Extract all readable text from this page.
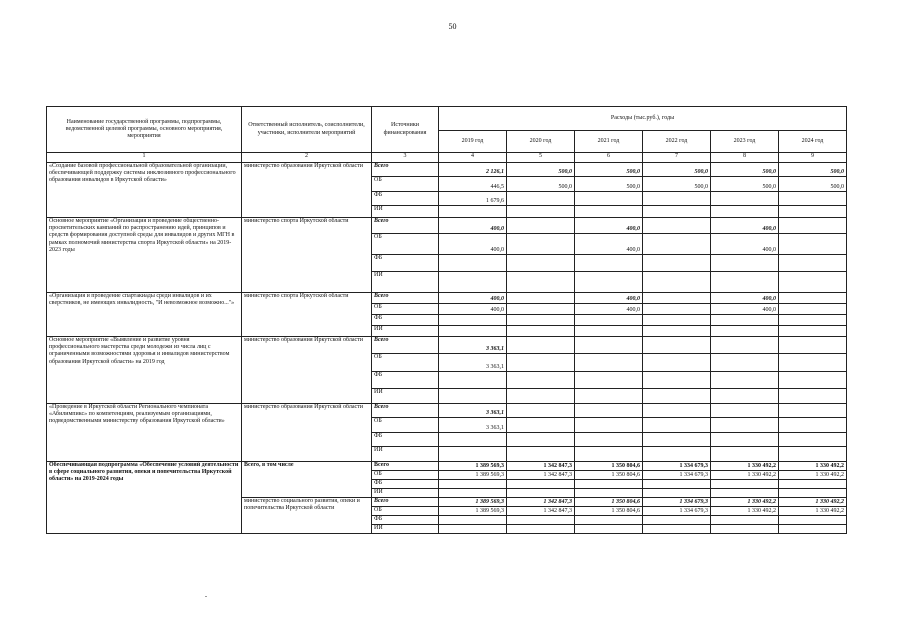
50
Наименование государственной программы, подпрограммы, ведомственной целевой программы, основного мероприятия, мероприятия	Ответственный исполнитель, соисполнители, участники, исполнители мероприятий	Источники финансирования	Расходы (тыс.руб.), годы					
			2019 год	2020 год	2021 год	2022 год	2023 год	2024 год
1	2	3	4	5	6	7	8	9
«Создание базовой профессиональной образовательной организации, обеспечивающей поддержку системы инклюзивного профессионального образования инвалидов в Иркутской области»	министерство образования Иркутской области	Всего	2 126,1	500,0	500,0	500,0	500,0	500,0
		ОБ	446,5	500,0	500,0	500,0	500,0	500,0
		ФБ	1 679,6					
		ИИ						
Основное мероприятие «Организация и проведение общественно-просветительских кампаний по распространению идей, принципов и средств формирования доступной среды для инвалидов и других МГН в рамках полномочий министерства спорта Иркутской области» на 2019-2023 годы	министерство спорта Иркутской области	Всего	400,0		400,0		400,0	
		ОБ	400,0		400,0		400,0	
		ФБ						
		ИИ						
«Организация и проведение спартакиады среди инвалидов и их сверстников, не имеющих инвалидность, "И невозможное возможно..."»	министерство спорта Иркутской области	Всего	400,0		400,0		400,0	
		ОБ	400,0		400,0		400,0	
		ФБ						
		ИИ						
Основное мероприятие «Выявление и развитие уровня профессионального мастерства среди молодежи из числа лиц с ограниченными возможностями здоровья и инвалидов министерством образования Иркутской области» на 2019 год	министерство образования Иркутской области	Всего	3 363,1					
		ОБ	3 363,1					
		ФБ						
		ИИ						
«Проведение в Иркутской области Регионального чемпионата «Абилимпикс» по компетенциям, реализуемым организациями, подведомственными министерству образования Иркутской области»	министерство образования Иркутской области	Всего	3 363,1					
		ОБ	3 363,1					
		ФБ						
		ИИ						
Обеспечивающая подпрограмма «Обеспечение условий деятельности в сфере социального развития, опеки и попечительства Иркутской области» на 2019-2024 годы	Всего, в том числе	Всего	1 389 569,3	1 342 847,3	1 350 804,6	1 334 679,3	1 330 492,2	1 330 492,2
		ОБ	1 389 569,3	1 342 847,3	1 350 804,6	1 334 679,3	1 330 492,2	1 330 492,2
		ФБ						
		ИИ						
	министерство социального развития, опеки и попечительства Иркутской области	Всего	1 389 569,3	1 342 847,3	1 350 804,6	1 334 679,3	1 330 492,2	1 330 492,2
		ОБ	1 389 569,3	1 342 847,3	1 350 804,6	1 334 679,3	1 330 492,2	1 330 492,2
		ФБ						
		ИИ						
